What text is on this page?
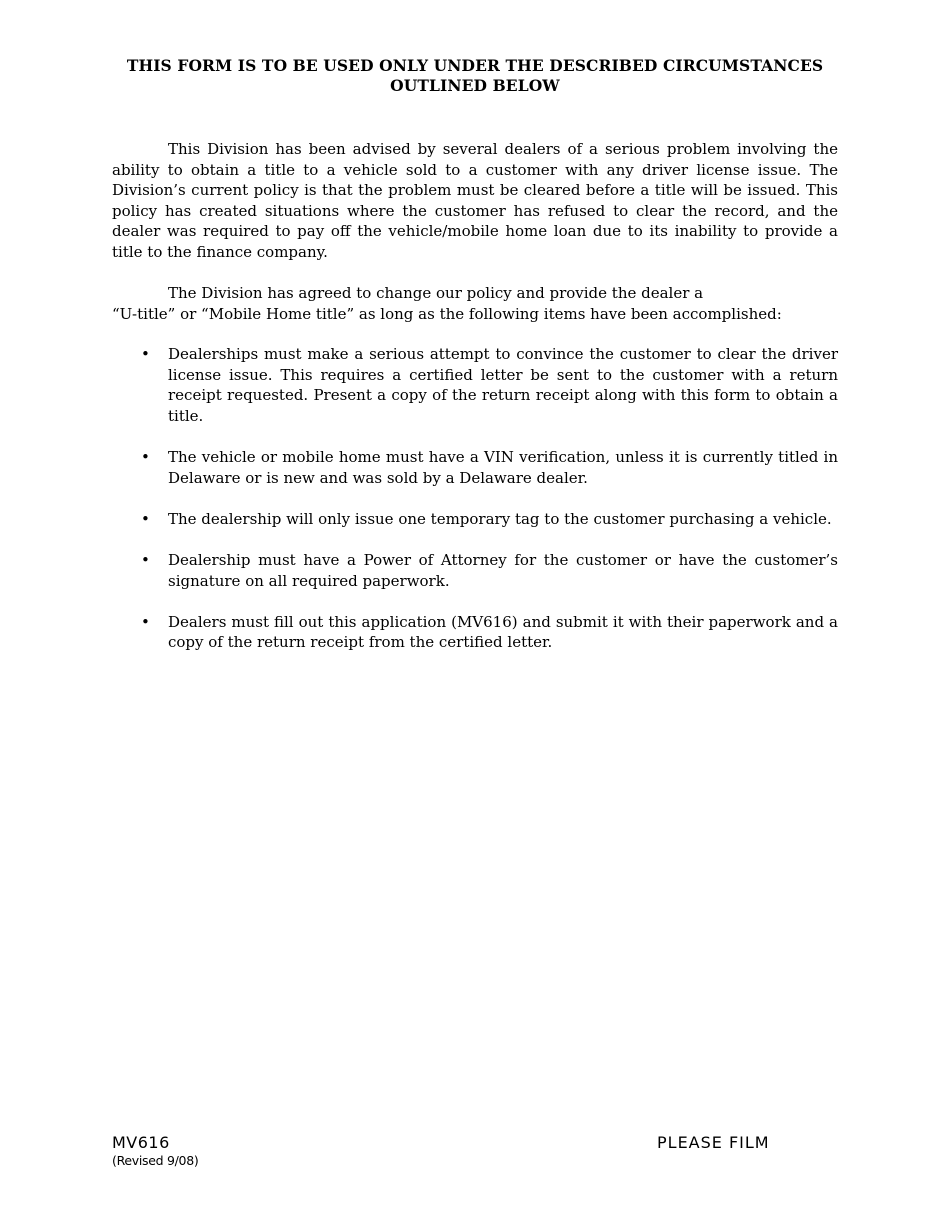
THIS FORM IS TO BE USED ONLY UNDER THE DESCRIBED CIRCUMSTANCES
OUTLINED BELOW

This Division has been advised by several dealers of a serious problem involving the ability to obtain a title to a vehicle sold to a customer with any driver license issue. The Division’s current policy is that the problem must be cleared before a title will be issued. This policy has created situations where the customer has refused to clear the record, and the dealer was required to pay off the vehicle/mobile home loan due to its inability to provide a title to the finance company.

The Division has agreed to change our policy and provide the dealer a
“U-title” or “Mobile Home title” as long as the following items have been accomplished:

• Dealerships must make a serious attempt to convince the customer to clear the driver license issue. This requires a certified letter be sent to the customer with a return receipt requested. Present a copy of the return receipt along with this form to obtain a title.
• The vehicle or mobile home must have a VIN verification, unless it is currently titled in Delaware or is new and was sold by a Delaware dealer.
• The dealership will only issue one temporary tag to the customer purchasing a vehicle.
• Dealership must have a Power of Attorney for the customer or have the customer’s signature on all required paperwork.
• Dealers must fill out this application (MV616) and submit it with their paperwork and a copy of the return receipt from the certified letter.
MV616
(Revised 9/08)
PLEASE FILM
